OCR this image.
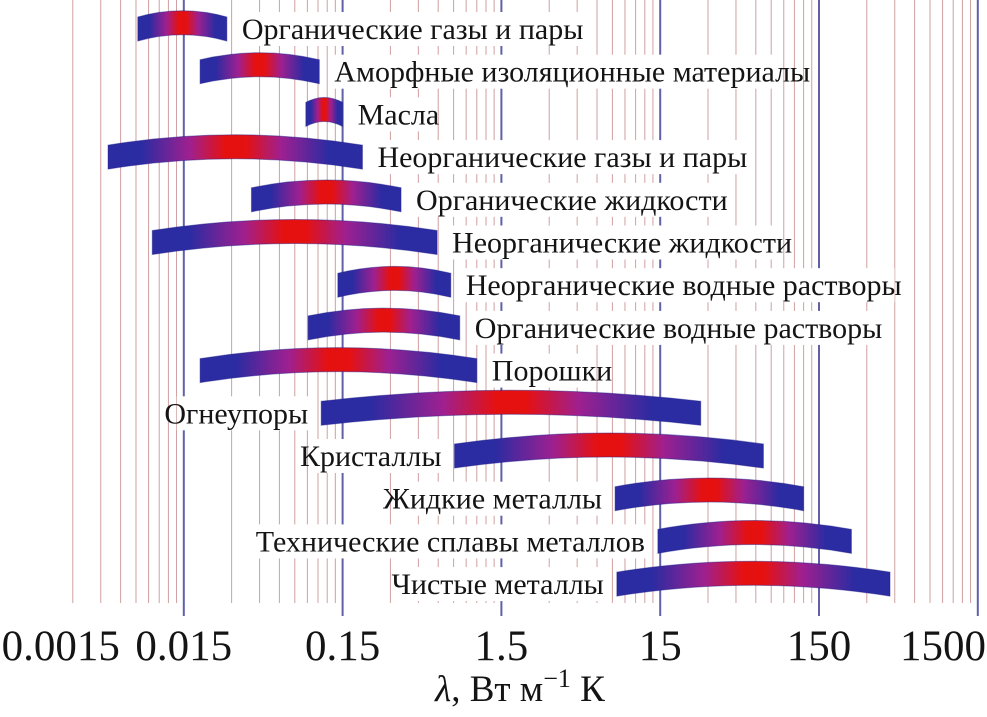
Органические газы и пары
Аморфные изоляционные материалы
Масла
Неорганические газы и пары
Органические жидкости
Неорганические жидкости
Неорганические водные растворы
Органические водные растворы
Порошки
Огнеупоры
Кристаллы
Жидкие металлы
Технические сплавы металлов
Чистые металлы
0.0015 0.015 0.15 1.5	15 150 1500
λ, Вт $м^{-1}$ К
